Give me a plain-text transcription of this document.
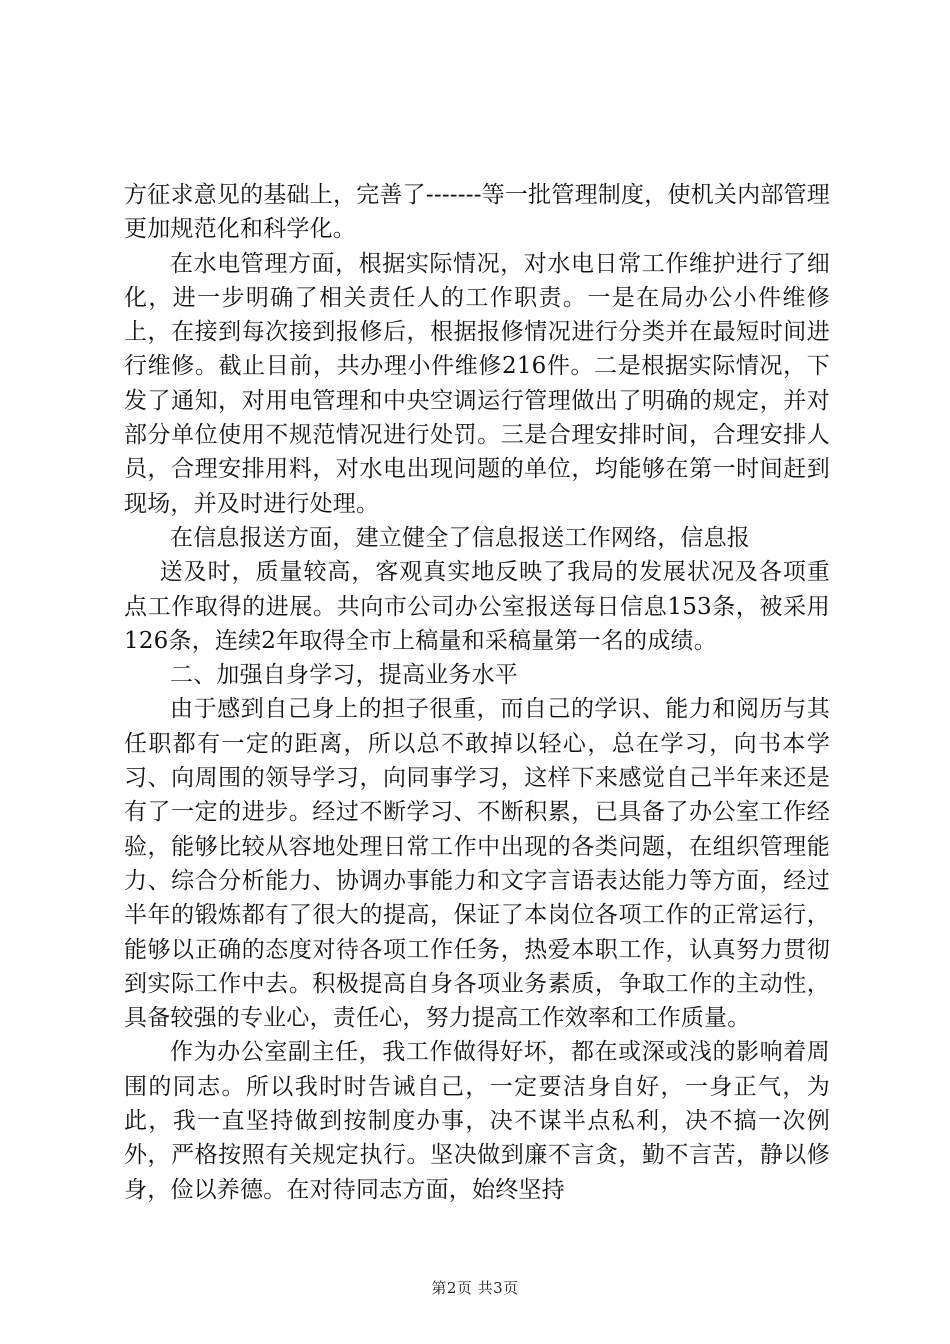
方征求意见的基础上，完善了-------等一批管理制度，使机关内部管理更加规范化和科学化。

在水电管理方面，根据实际情况，对水电日常工作维护进行了细化，进一步明确了相关责任人的工作职责。一是在局办公小件维修上，在接到每次接到报修后，根据报修情况进行分类并在最短时间进行维修。截止目前，共办理小件维修216件。二是根据实际情况，下发了通知，对用电管理和中央空调运行管理做出了明确的规定，并对部分单位使用不规范情况进行处罚。三是合理安排时间，合理安排人员，合理安排用料，对水电出现问题的单位，均能够在第一时间赶到现场，并及时进行处理。

在信息报送方面，建立健全了信息报送工作网络，信息报

送及时，质量较高，客观真实地反映了我局的发展状况及各项重点工作取得的进展。共向市公司办公室报送每日信息153条，被采用126条，连续2年取得全市上稿量和采稿量第一名的成绩。

二、加强自身学习，提高业务水平

由于感到自己身上的担子很重，而自己的学识、能力和阅历与其任职都有一定的距离，所以总不敢掉以轻心，总在学习，向书本学习、向周围的领导学习，向同事学习，这样下来感觉自己半年来还是有了一定的进步。经过不断学习、不断积累，已具备了办公室工作经验，能够比较从容地处理日常工作中出现的各类问题，在组织管理能力、综合分析能力、协调办事能力和文字言语表达能力等方面，经过半年的锻炼都有了很大的提高，保证了本岗位各项工作的正常运行，能够以正确的态度对待各项工作任务，热爱本职工作，认真努力贯彻到实际工作中去。积极提高自身各项业务素质，争取工作的主动性，具备较强的专业心，责任心，努力提高工作效率和工作质量。

作为办公室副主任，我工作做得好坏，都在或深或浅的影响着周围的同志。所以我时时告诫自己，一定要洁身自好，一身正气，为此，我一直坚持做到按制度办事，决不谋半点私利，决不搞一次例外，严格按照有关规定执行。坚决做到廉不言贪，勤不言苦，静以修身，俭以养德。在对待同志方面，始终坚持

第2页 共3页
